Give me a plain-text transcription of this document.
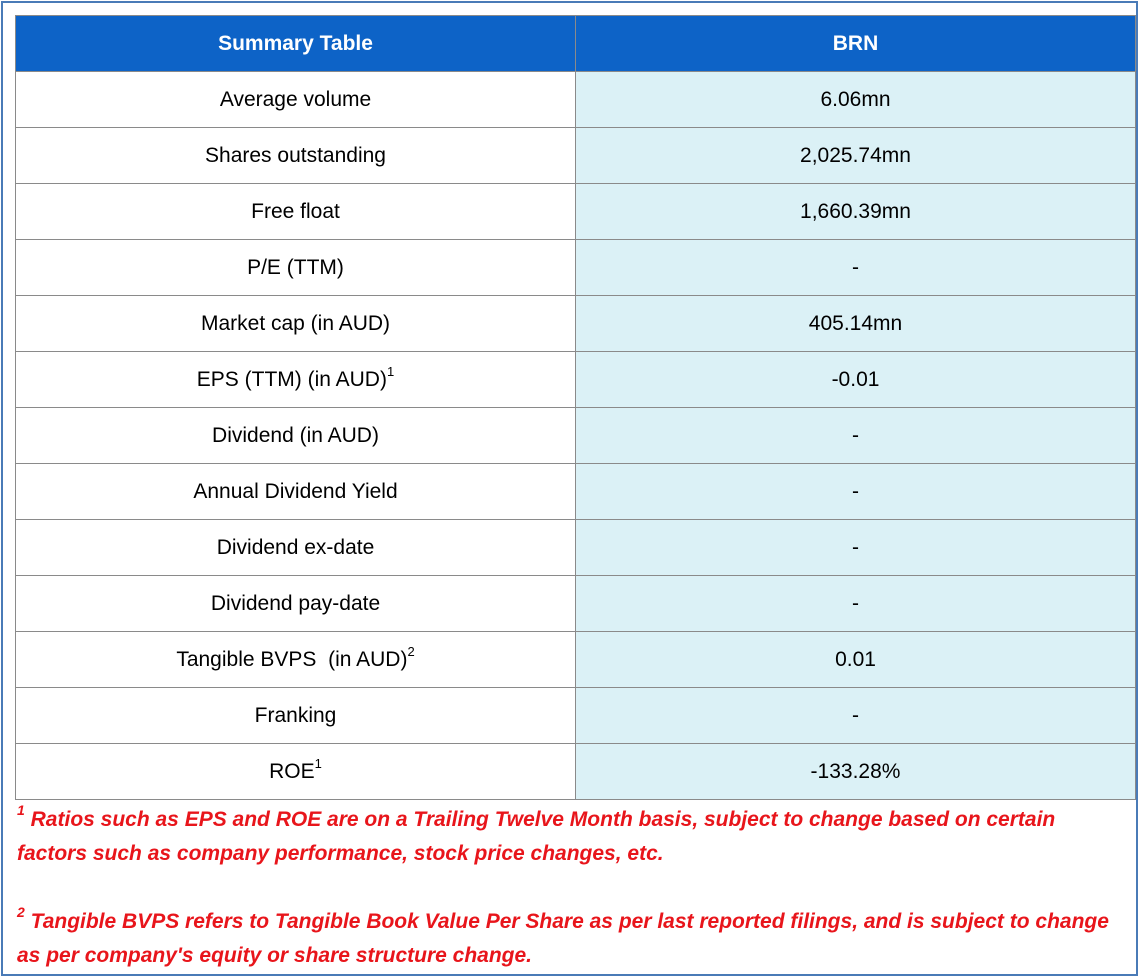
Summary Table	BRN
Average volume	6.06mn
Shares outstanding	2,025.74mn
Free float	1,660.39mn
P/E (TTM)	-
Market cap (in AUD)	405.14mn
EPS (TTM) (in AUD)$^1$	-0.01
Dividend (in AUD)	-
Annual Dividend Yield	-
Dividend ex-date	-
Dividend pay-date	-
Tangible BVPS  (in AUD)$^2$	0.01
Franking	-
ROE$^1$	-133.28%

$^1$ Ratios such as EPS and ROE are on a Trailing Twelve Month basis, subject to change based on certain factors such as company performance, stock price changes, etc.

$^2$ Tangible BVPS refers to Tangible Book Value Per Share as per last reported filings, and is subject to change as per company's equity or share structure change.
